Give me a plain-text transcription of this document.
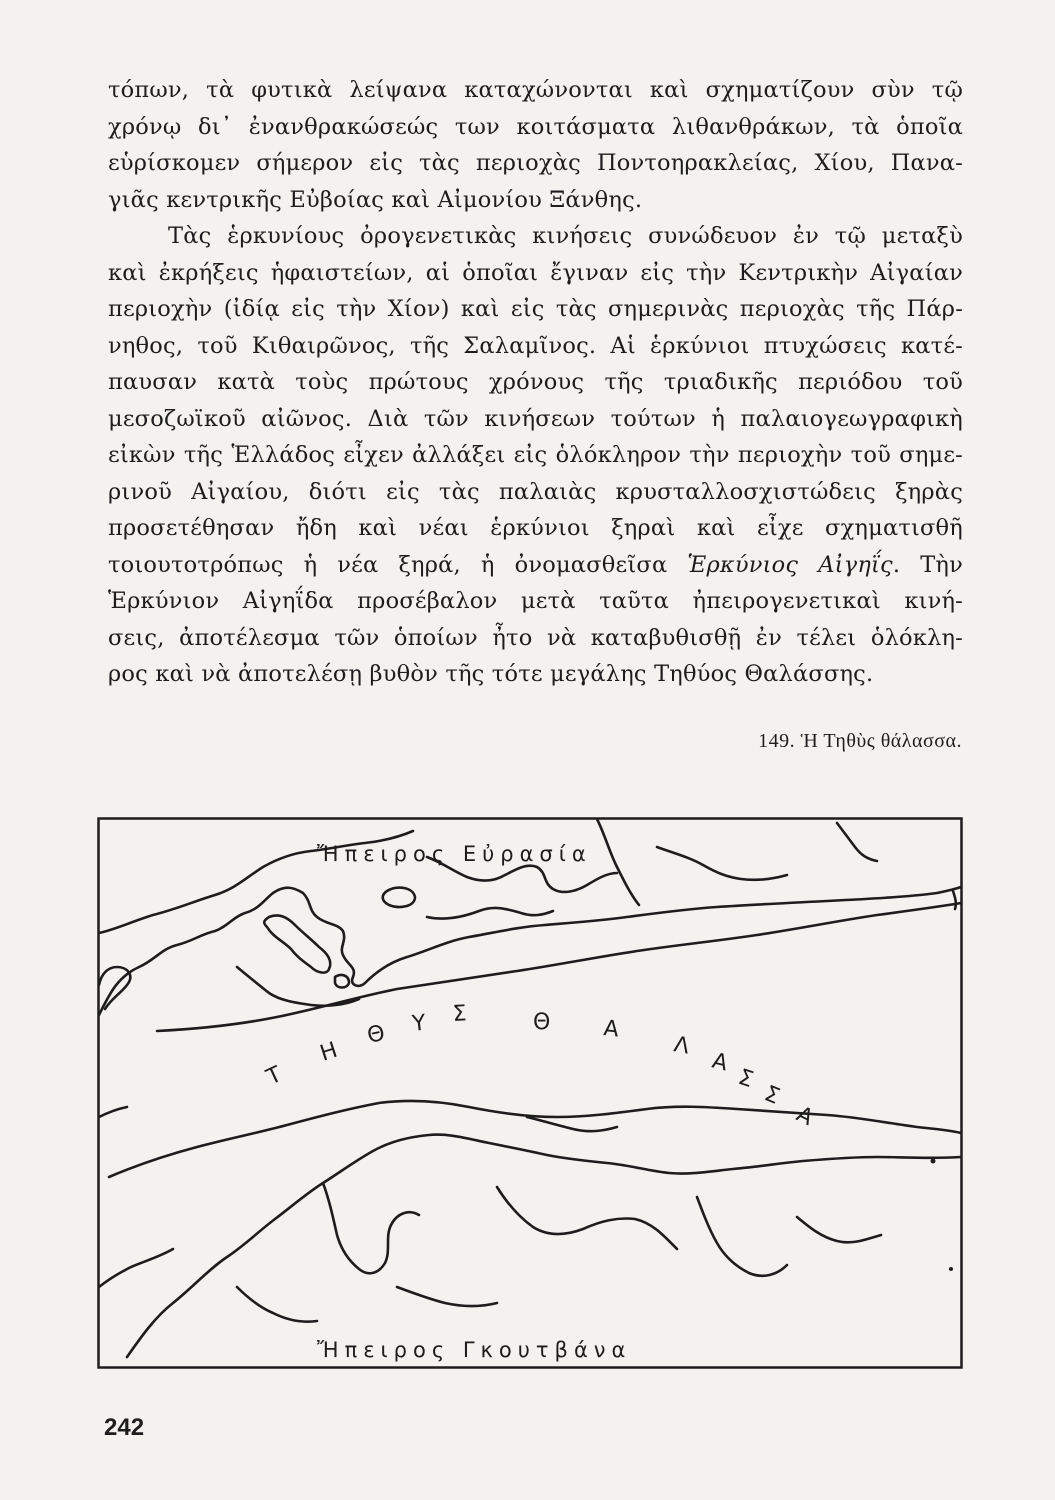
τόπων, τὰ φυτικὰ λείψανα καταχώνονται καὶ σχηματίζουν σὺν τῷ
χρόνῳ δι᾿ ἐνανθρακώσεώς των κοιτάσματα λιθανθράκων, τὰ ὁποῖα
εὑρίσκομεν σήμερον εἰς τὰς περιοχὰς Ποντοηρακλείας, Χίου, Πανα-
γιᾶς κεντρικῆς Εὐβοίας καὶ Αἰμονίου Ξάνθης.
Τὰς ἑρκυνίους ὀρογενετικὰς κινήσεις συνώδευον ἐν τῷ μεταξὺ
καὶ ἐκρήξεις ἡφαιστείων, αἱ ὁποῖαι ἔγιναν εἰς τὴν Κεντρικὴν Αἰγαίαν
περιοχὴν (ἰδίᾳ εἰς τὴν Χίον) καὶ εἰς τὰς σημερινὰς περιοχὰς τῆς Πάρ-
νηθος, τοῦ Κιθαιρῶνος, τῆς Σαλαμῖνος. Αἱ ἑρκύνιοι πτυχώσεις κατέ-
παυσαν κατὰ τοὺς πρώτους χρόνους τῆς τριαδικῆς περιόδου τοῦ
μεσοζωϊκοῦ αἰῶνος. Διὰ τῶν κινήσεων τούτων ἡ παλαιογεωγραφικὴ
εἰκὼν τῆς Ἑλλάδος εἶχεν ἀλλάξει εἰς ὁλόκληρον τὴν περιοχὴν τοῦ σημε-
ρινοῦ Αἰγαίου, διότι εἰς τὰς παλαιὰς κρυσταλλοσχιστώδεις ξηρὰς
προσετέθησαν ἤδη καὶ νέαι ἑρκύνιοι ξηραὶ καὶ εἶχε σχηματισθῆ
τοιουτοτρόπως ἡ νέα ξηρά, ἡ ὀνομασθεῖσα Ἑρκύνιος Αἰγηΐς. Τὴν
Ἑρκύνιον Αἰγηΐδα προσέβαλον μετὰ ταῦτα ἠπειρογενετικαὶ κινή-
σεις, ἀποτέλεσμα τῶν ὁποίων ἦτο νὰ καταβυθισθῇ ἐν τέλει ὁλόκλη-
ρος καὶ νὰ ἀποτελέσῃ βυθὸν τῆς τότε μεγάλης Τηθύος Θαλάσσης.
149. Ἡ Τηθὺς θάλασσα.
Ἤπειρος Εὐρασία
Ἤπειρος Γκουτβάνα
Τ
Η
Θ Υ Σ	Θ Α
Λ
Α
Σ
Σ
Α
242
